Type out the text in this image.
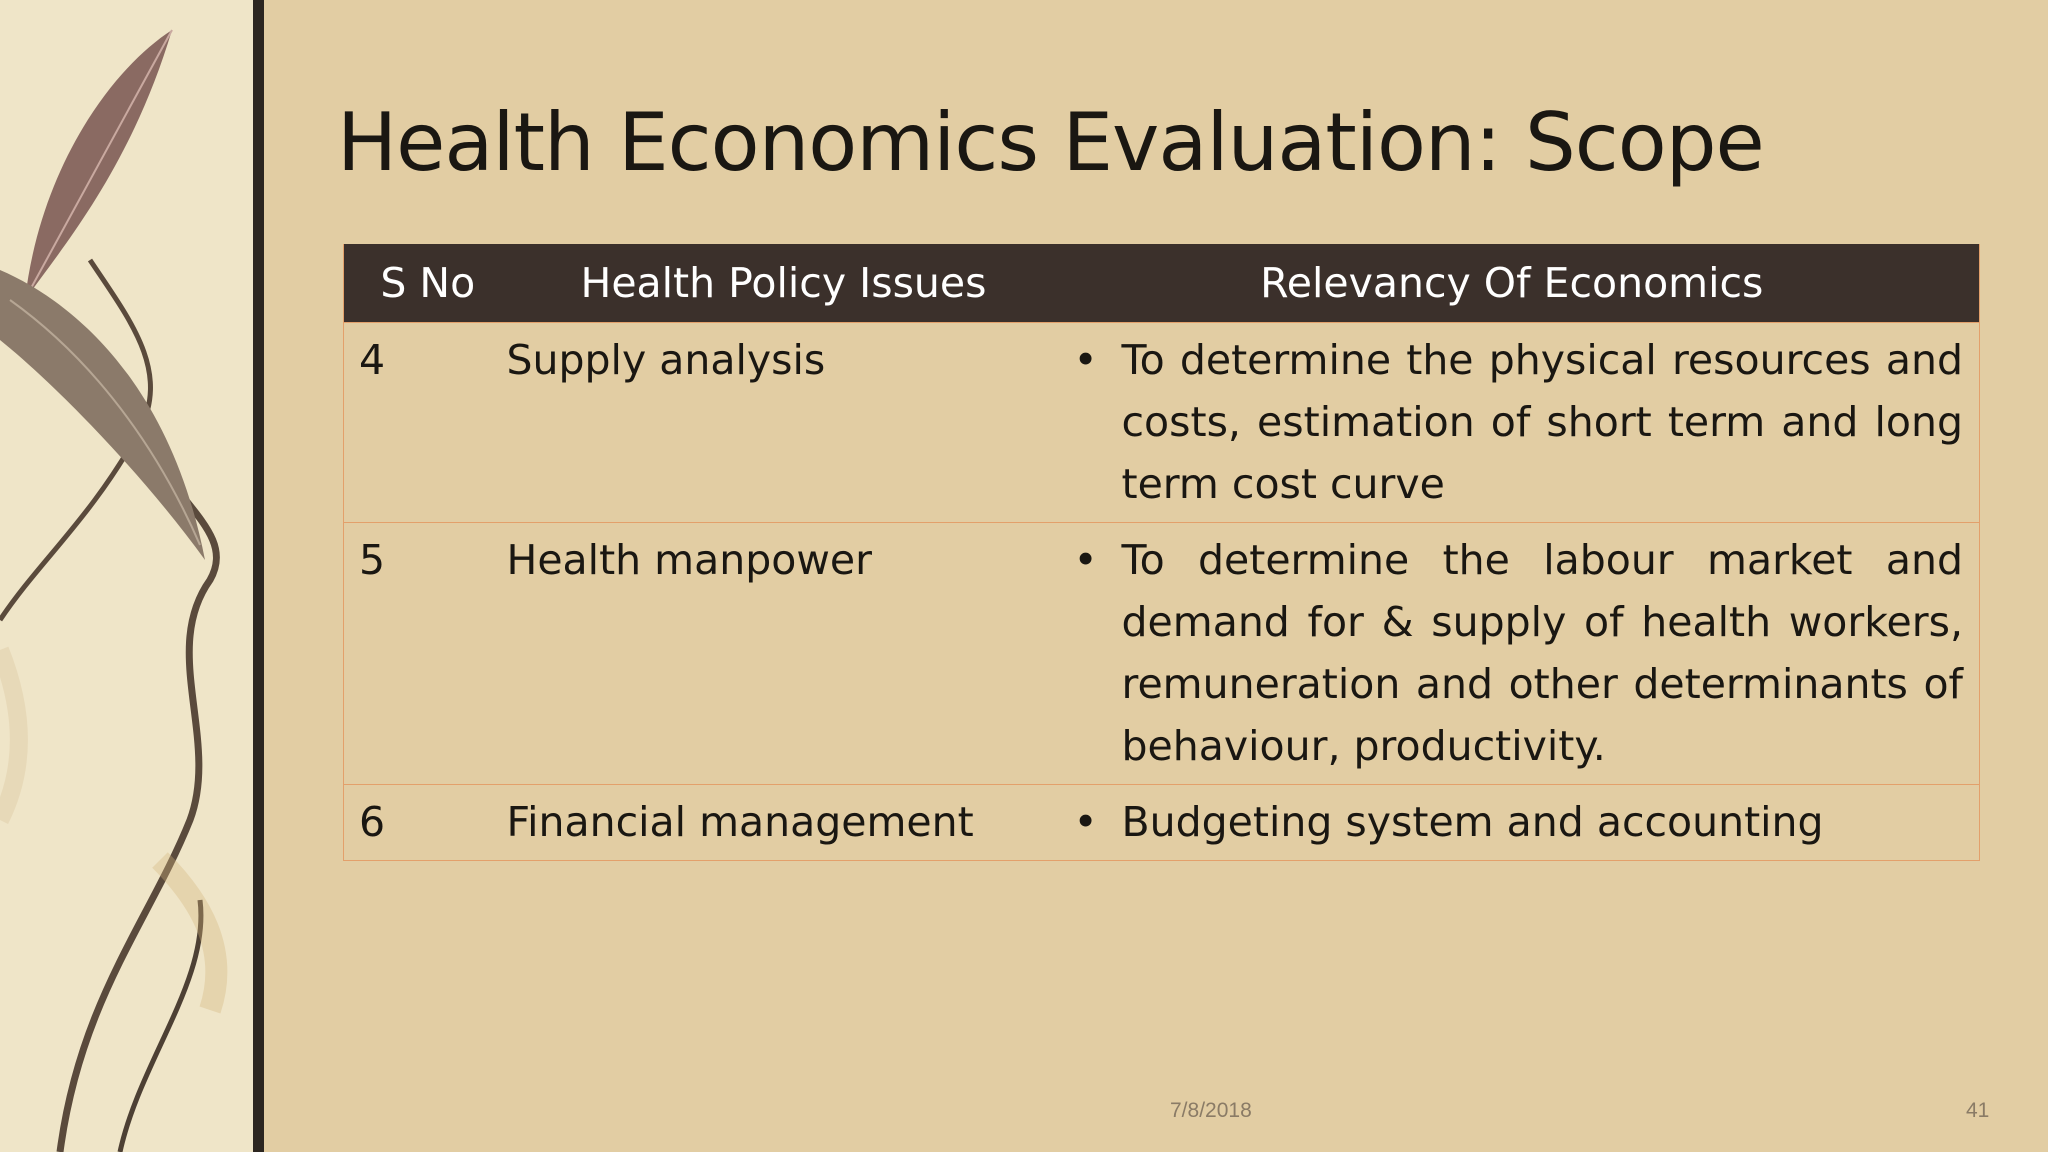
Health Economics Evaluation: Scope
S No	Health Policy Issues	Relevancy Of Economics
4	Supply analysis	• To determine the physical resources and costs, estimation of short term and long term cost curve

5	Health manpower	• To determine the labour market and demand for & supply of health workers, remuneration and other determinants of behaviour, productivity.

6	Financial management	• Budgeting system and accounting
7/8/2018	41
